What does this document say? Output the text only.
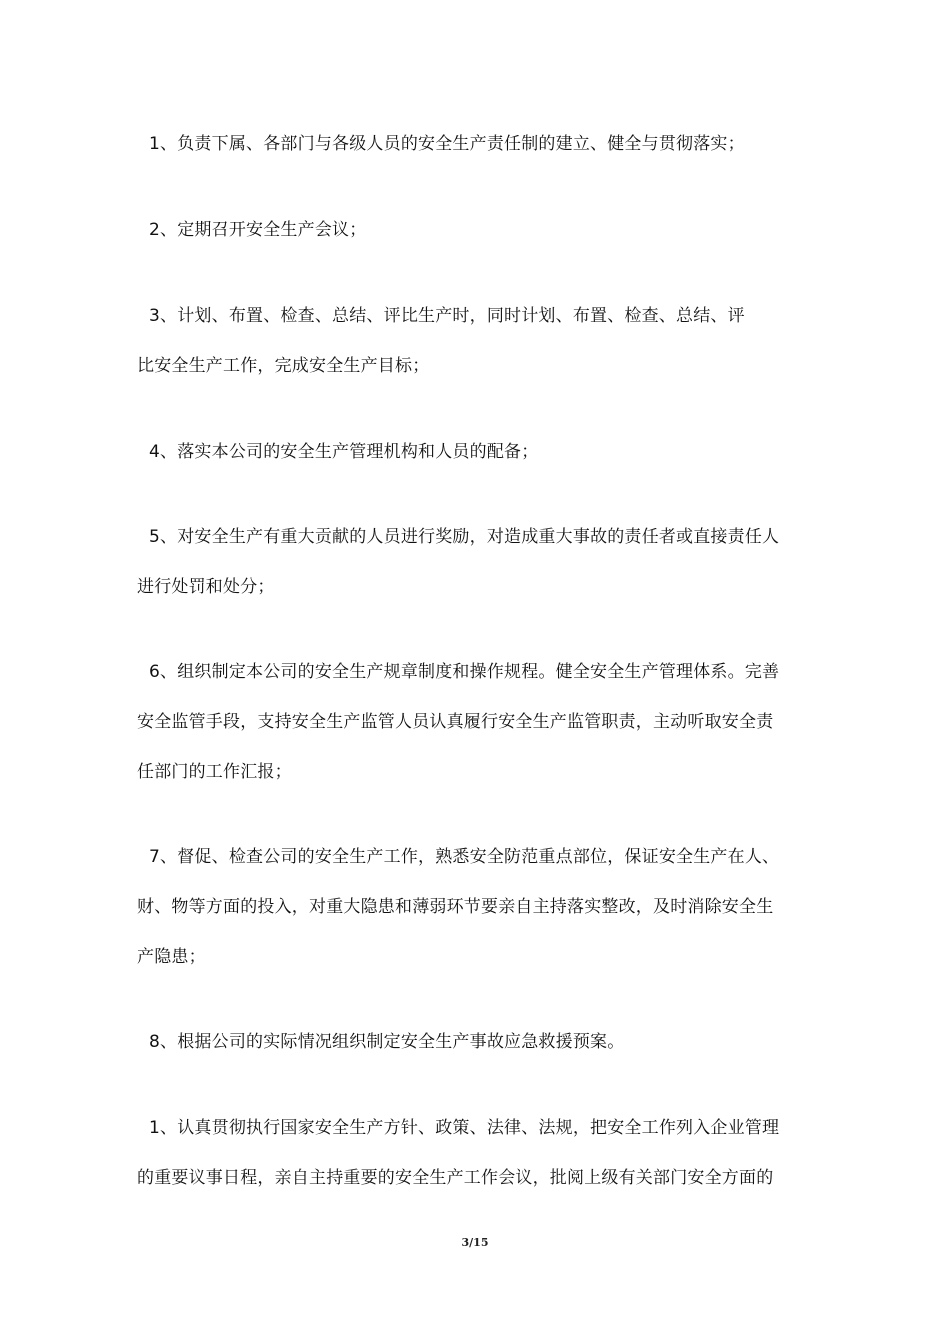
1、负责下属、各部门与各级人员的安全生产责任制的建立、健全与贯彻落实；
2、定期召开安全生产会议；
3、计划、布置、检查、总结、评比生产时，同时计划、布置、检查、总结、评
比安全生产工作，完成安全生产目标；
4、落实本公司的安全生产管理机构和人员的配备；
5、对安全生产有重大贡献的人员进行奖励，对造成重大事故的责任者或直接责任人
进行处罚和处分；
6、组织制定本公司的安全生产规章制度和操作规程。健全安全生产管理体系。完善
安全监管手段，支持安全生产监管人员认真履行安全生产监管职责，主动听取安全责
任部门的工作汇报；
7、督促、检查公司的安全生产工作，熟悉安全防范重点部位，保证安全生产在人、
财、物等方面的投入，对重大隐患和薄弱环节要亲自主持落实整改，及时消除安全生
产隐患；
8、根据公司的实际情况组织制定安全生产事故应急救援预案。
1、认真贯彻执行国家安全生产方针、政策、法律、法规，把安全工作列入企业管理
的重要议事日程，亲自主持重要的安全生产工作会议，批阅上级有关部门安全方面的
3/15
